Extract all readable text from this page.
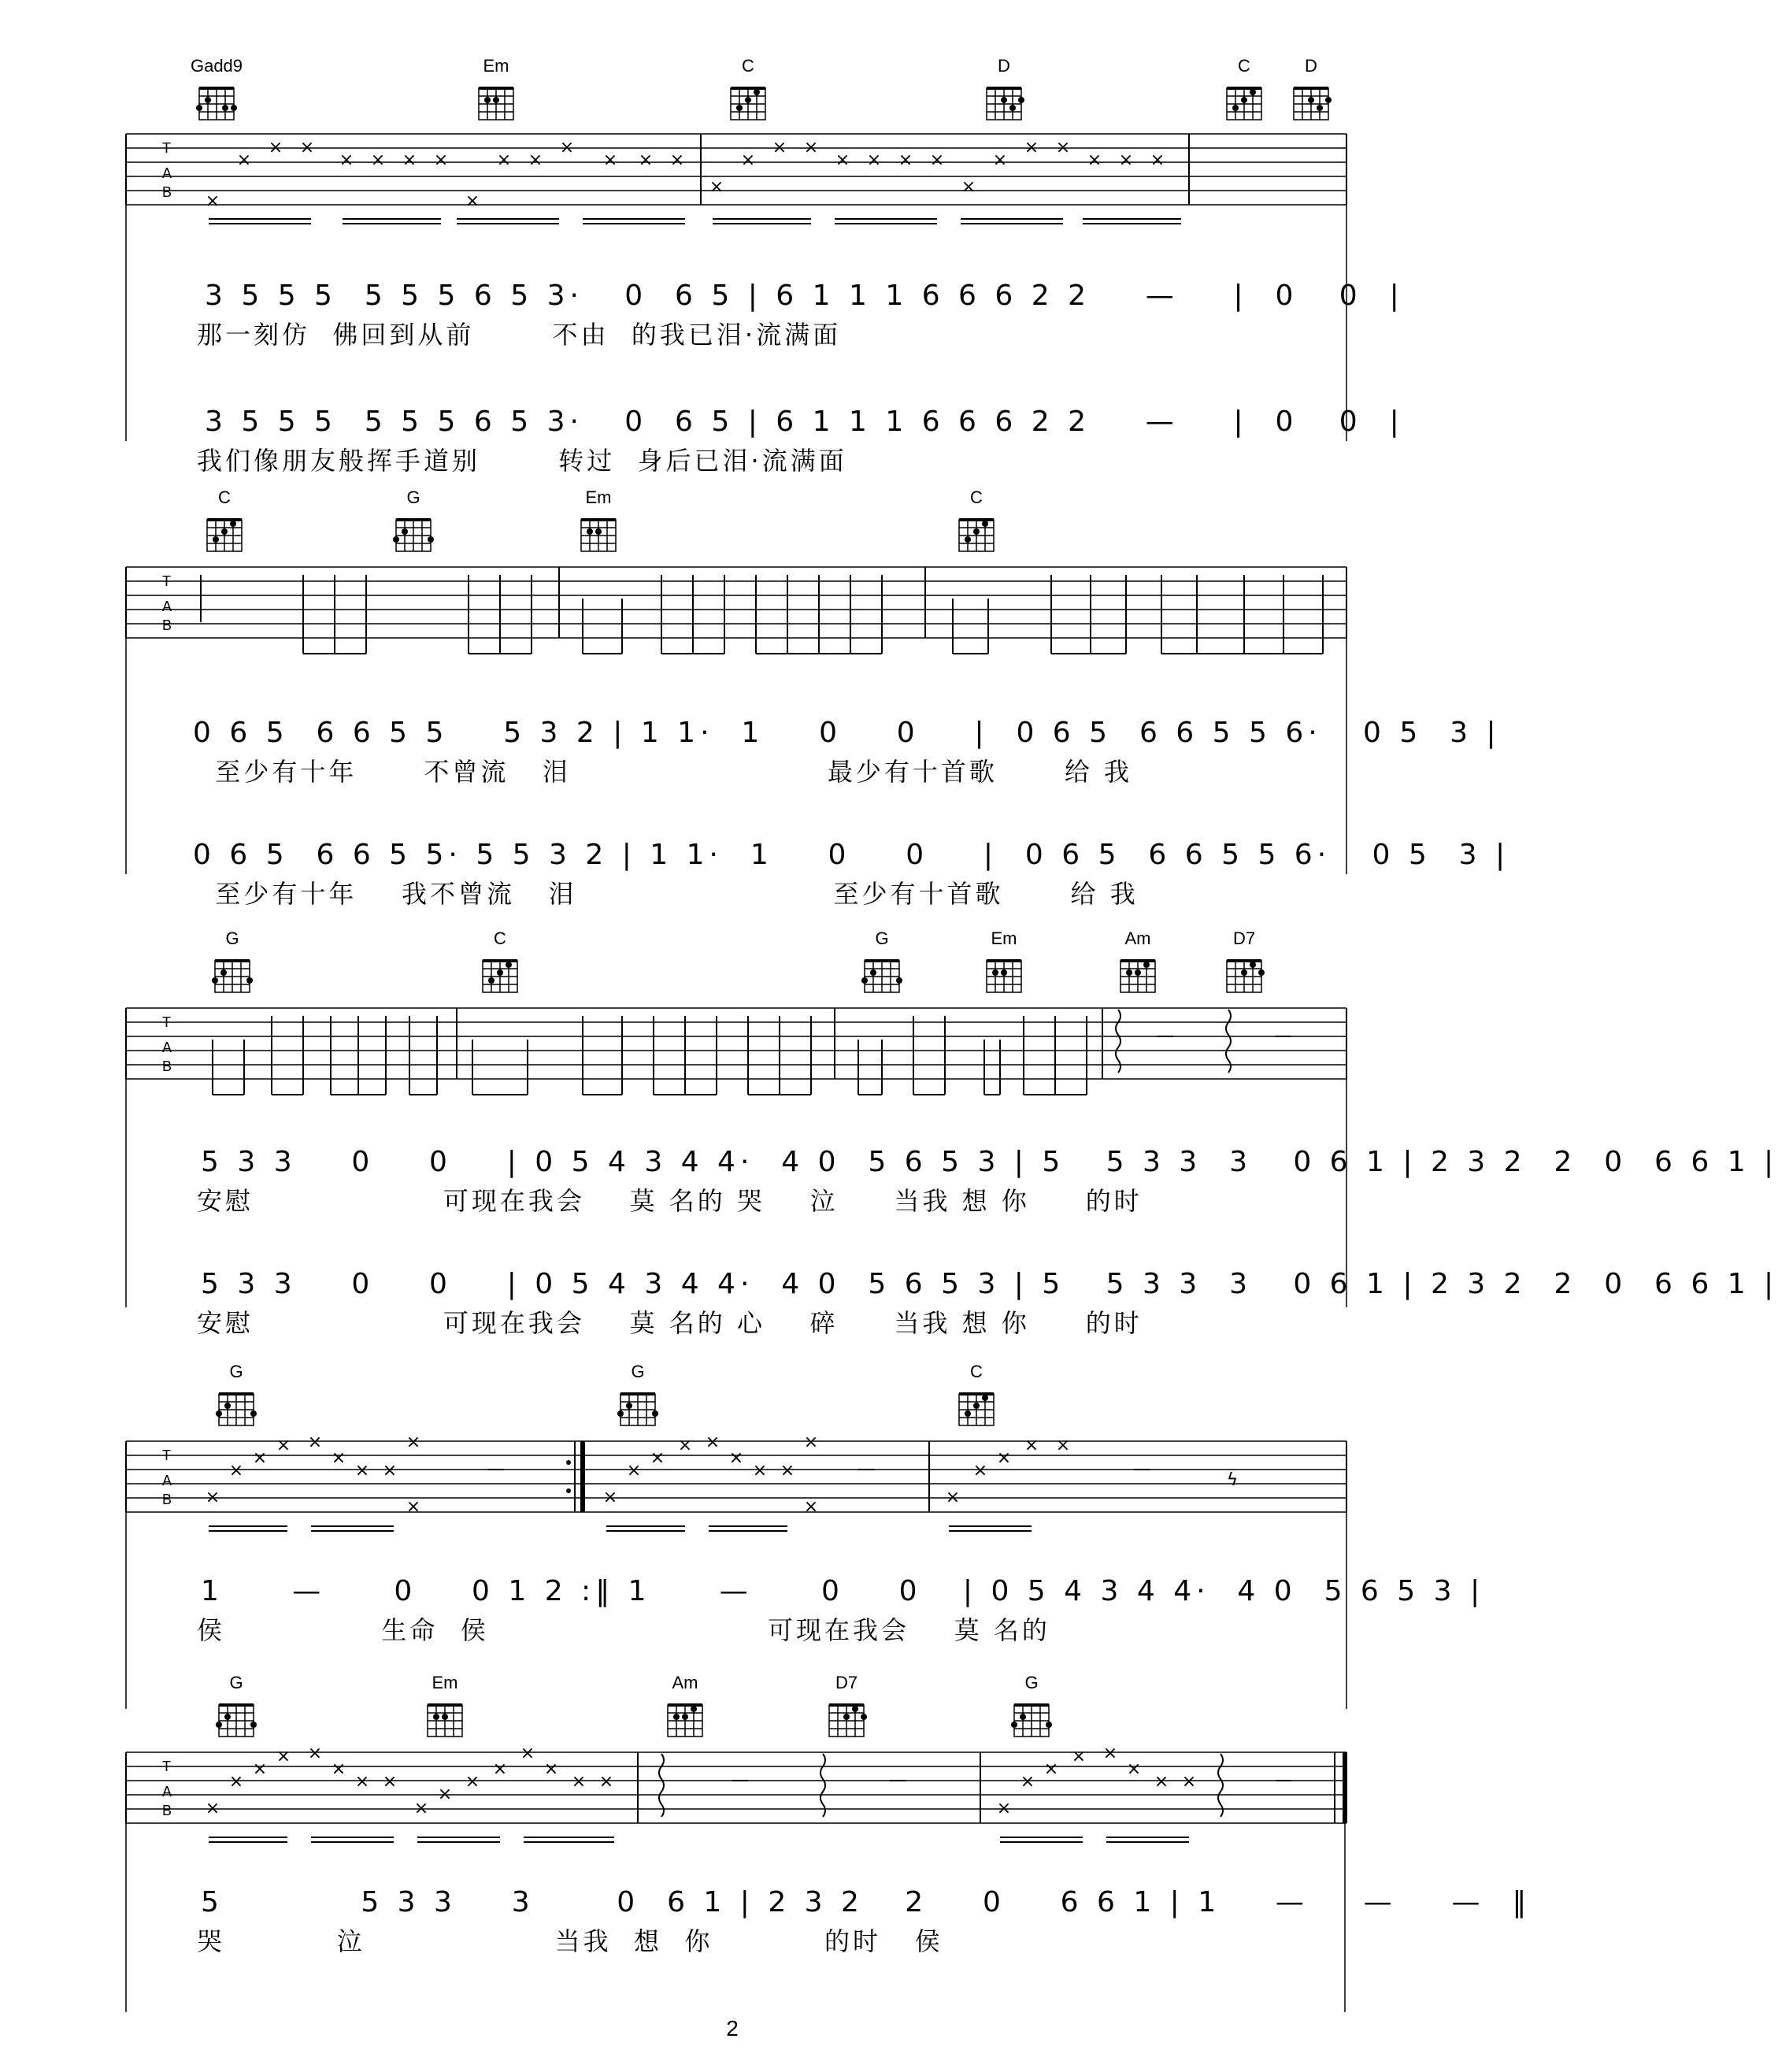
Gadd9	Em	C	D	C	D
T
A
B ×
×
× ×
× × × ×
×
× ×
×
× × ×
×
×
× ×
× × × ×
×
×
× ×
× × ×
3 5 5 5  5 5 5 6 5 3·   0  6 5 | 6 1 1 1 6 6 6 2 2    —    |  0   0  |
那一刻仿  佛回到从前       不由  的我已泪·流满面
3 5 5 5  5 5 5 6 5 3·   0  6 5 | 6 1 1 1 6 6 6 2 2    —    |  0   0  |
我们像朋友般挥手道别       转过  身后已泪·流满面
C	G	Em	C
T
A
B
0 6 5  6 6 5 5    5 3 2 | 1 1·  1    0    0    |  0 6 5  6 6 5 5 6·   0 5  3 |
至少有十年      不曾流   泪                       最少有十首歌      给 我
0 6 5  6 6 5 5· 5 5 3 2 | 1 1·  1    0    0    |  0 6 5  6 6 5 5 6·   0 5  3 |
至少有十年    我不曾流   泪                       至少有十首歌      给 我
G	C	G	Em	Am	D7
T
A
B
5 3 3    0    0    | 0 5 4 3 4 4·  4 0  5 6 5 3 | 5   5 3 3  3   0 6 1 | 2 3 2  2  0  6 6 1 |
安慰                 可现在我会    莫 名的 哭    泣     当我 想 你     的时
5 3 3    0    0    | 0 5 4 3 4 4·  4 0  5 6 5 3 | 5   5 3 3  3   0 6 1 | 2 3 2  2  0  6 6 1 |
安慰                 可现在我会    莫 名的 心    碎     当我 想 你     的时
G	G	C
T
A
B ×
×
×
× ×
×
× ×
×
×	×
×
×
× ×
×
× ×
×
×	×
×
×
× ×
ϟ
1     —     0    0 1 2 :‖ 1     —     0    0   | 0 5 4 3 4 4·  4 0  5 6 5 3 |
侯              生命  侯                         可现在我会    莫 名的
G	Em	Am	D7	G
T
A
B ×
×
×
× ×
×
× ×
×
×
×
×
×
×
× ×
×
×
×
× ×
×
× ×
5          5 3 3    3      0  6 1 | 2 3 2   2    0    6 6 1 | 1    —    —    —  ‖
哭          泣                 当我  想  你          的时   侯
2
